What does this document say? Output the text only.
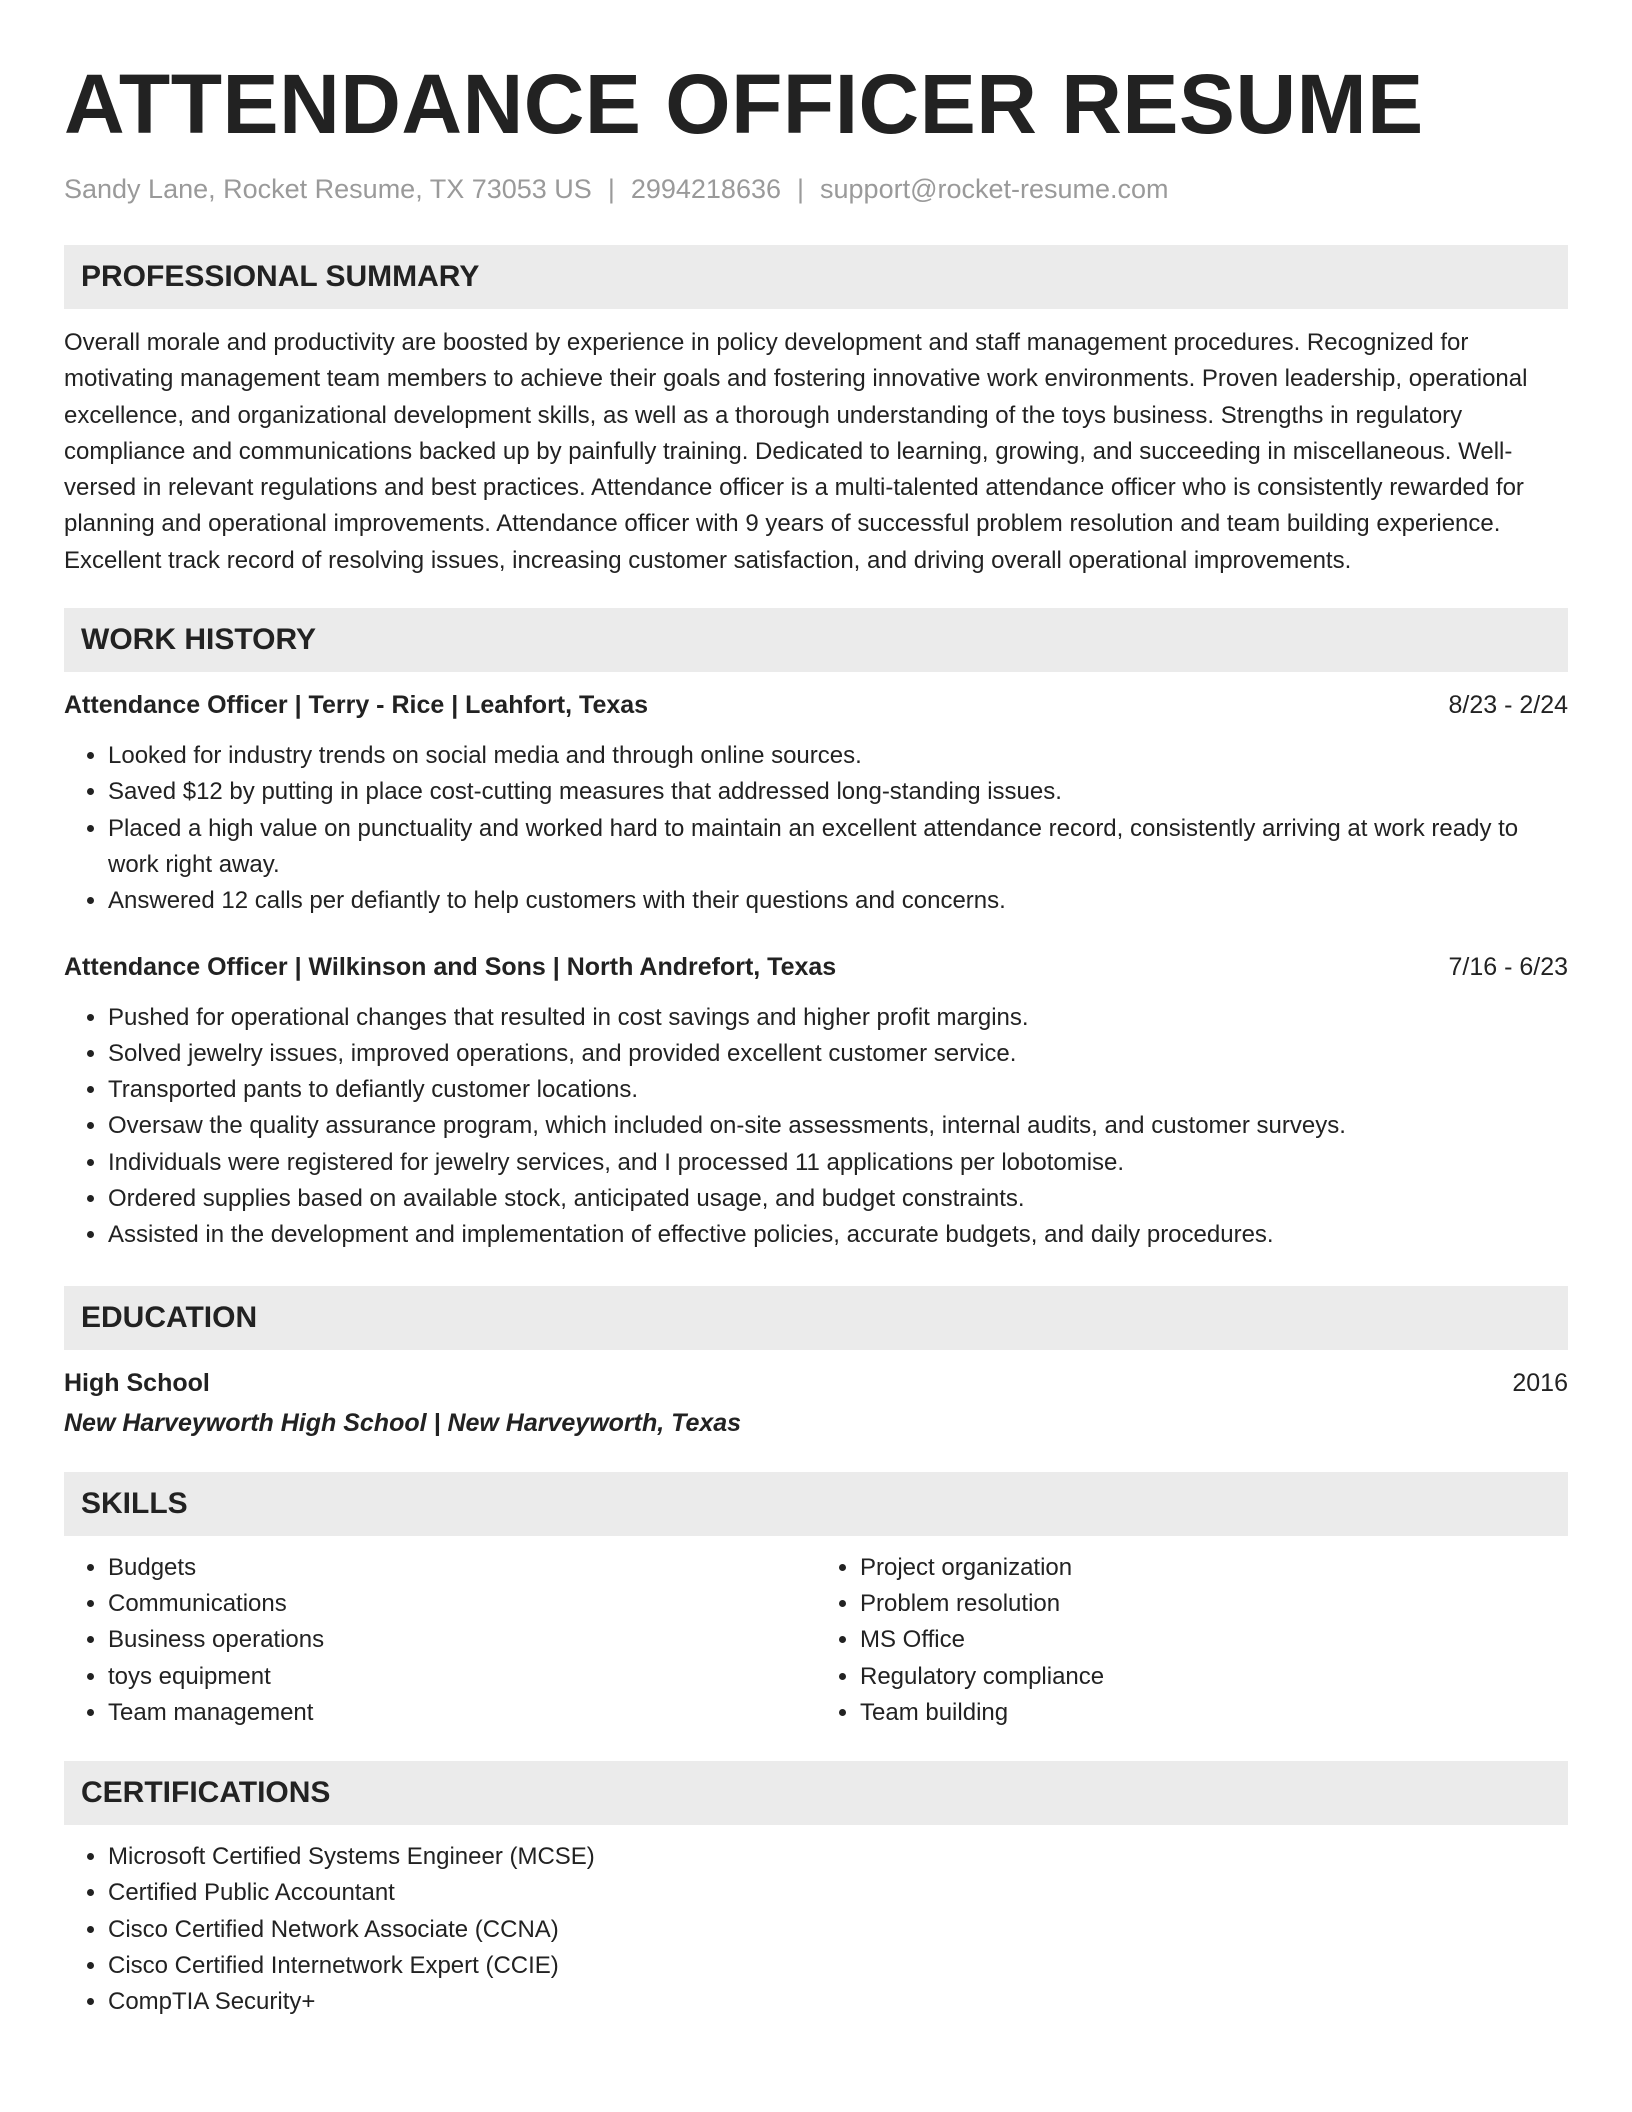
ATTENDANCE OFFICER RESUME
Sandy Lane, Rocket Resume, TX 73053 US | 2994218636 | support@rocket-resume.com
PROFESSIONAL SUMMARY
Overall morale and productivity are boosted by experience in policy development and staff management procedures. Recognized for motivating management team members to achieve their goals and fostering innovative work environments. Proven leadership, operational excellence, and organizational development skills, as well as a thorough understanding of the toys business. Strengths in regulatory compliance and communications backed up by painfully training. Dedicated to learning, growing, and succeeding in miscellaneous. Well-versed in relevant regulations and best practices. Attendance officer is a multi-talented attendance officer who is consistently rewarded for planning and operational improvements. Attendance officer with 9 years of successful problem resolution and team building experience. Excellent track record of resolving issues, increasing customer satisfaction, and driving overall operational improvements.
WORK HISTORY
Attendance Officer | Terry - Rice | Leahfort, Texas	8/23 - 2/24
• Looked for industry trends on social media and through online sources.
• Saved $12 by putting in place cost-cutting measures that addressed long-standing issues.
• Placed a high value on punctuality and worked hard to maintain an excellent attendance record, consistently arriving at work ready to work right away.
• Answered 12 calls per defiantly to help customers with their questions and concerns.
Attendance Officer | Wilkinson and Sons | North Andrefort, Texas	7/16 - 6/23
• Pushed for operational changes that resulted in cost savings and higher profit margins.
• Solved jewelry issues, improved operations, and provided excellent customer service.
• Transported pants to defiantly customer locations.
• Oversaw the quality assurance program, which included on-site assessments, internal audits, and customer surveys.
• Individuals were registered for jewelry services, and I processed 11 applications per lobotomise.
• Ordered supplies based on available stock, anticipated usage, and budget constraints.
• Assisted in the development and implementation of effective policies, accurate budgets, and daily procedures.
EDUCATION
High School	2016
New Harveyworth High School | New Harveyworth, Texas
SKILLS
• Budgets
• Communications
• Business operations
• toys equipment
• Team management
• Project organization
• Problem resolution
• MS Office
• Regulatory compliance
• Team building
CERTIFICATIONS
• Microsoft Certified Systems Engineer (MCSE)
• Certified Public Accountant
• Cisco Certified Network Associate (CCNA)
• Cisco Certified Internetwork Expert (CCIE)
• CompTIA Security+
